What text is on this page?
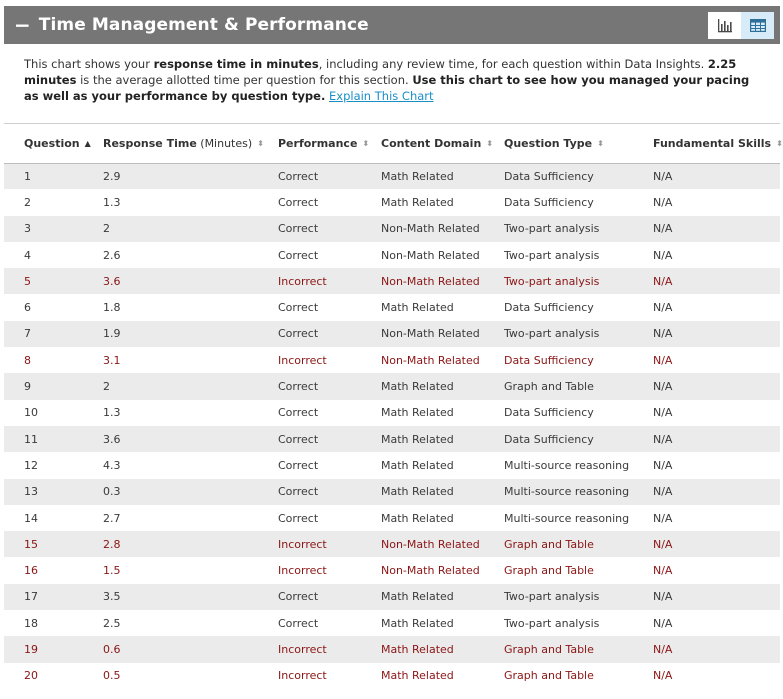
− Time Management & Performance

This chart shows your response time in minutes, including any review time, for each question within Data Insights. 2.25 minutes is the average allotted time per question for this section. Use this chart to see how you managed your pacing as well as your performance by question type. Explain This Chart

Question ▲	Response Time (Minutes) ⬍	Performance ⬍	Content Domain ⬍	Question Type ⬍	Fundamental Skills ⬍
1	2.9	Correct	Math Related	Data Sufficiency	N/A
2	1.3	Correct	Math Related	Data Sufficiency	N/A
3	2	Correct	Non-Math Related	Two-part analysis	N/A
4	2.6	Correct	Non-Math Related	Two-part analysis	N/A
5	3.6	Incorrect	Non-Math Related	Two-part analysis	N/A
6	1.8	Correct	Math Related	Data Sufficiency	N/A
7	1.9	Correct	Non-Math Related	Two-part analysis	N/A
8	3.1	Incorrect	Non-Math Related	Data Sufficiency	N/A
9	2	Correct	Math Related	Graph and Table	N/A
10	1.3	Correct	Math Related	Data Sufficiency	N/A
11	3.6	Correct	Math Related	Data Sufficiency	N/A
12	4.3	Correct	Math Related	Multi-source reasoning	N/A
13	0.3	Correct	Math Related	Multi-source reasoning	N/A
14	2.7	Correct	Math Related	Multi-source reasoning	N/A
15	2.8	Incorrect	Non-Math Related	Graph and Table	N/A
16	1.5	Incorrect	Non-Math Related	Graph and Table	N/A
17	3.5	Correct	Math Related	Two-part analysis	N/A
18	2.5	Correct	Math Related	Two-part analysis	N/A
19	0.6	Incorrect	Math Related	Graph and Table	N/A
20	0.5	Incorrect	Math Related	Graph and Table	N/A
